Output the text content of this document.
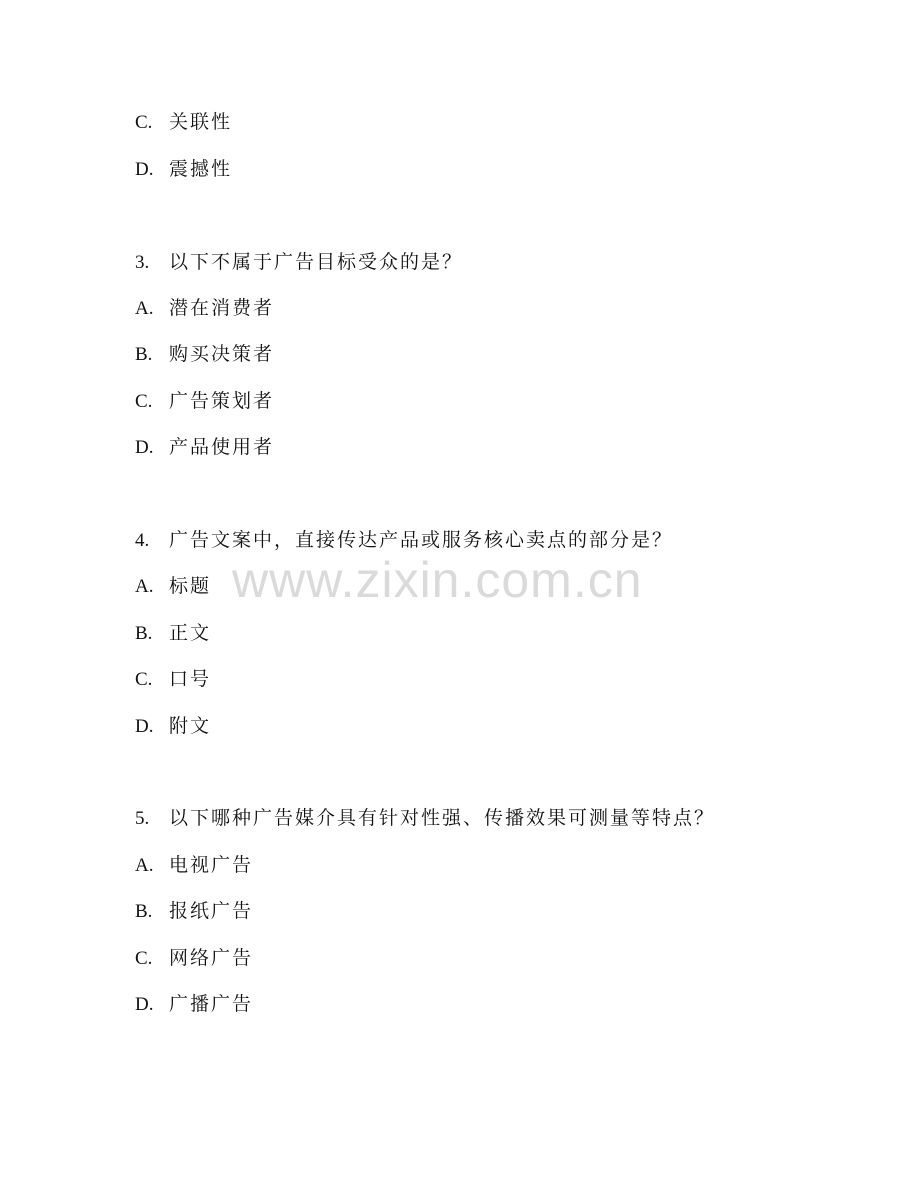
C. 关联性
D. 震撼性
3. 以下不属于广告目标受众的是？
A. 潜在消费者
B. 购买决策者
C. 广告策划者
D. 产品使用者
4. 广告文案中，直接传达产品或服务核心卖点的部分是？
A. 标题
B. 正文
C. 口号
D. 附文
5. 以下哪种广告媒介具有针对性强、传播效果可测量等特点？
A. 电视广告
B. 报纸广告
C. 网络广告
D. 广播广告
www.zixin.com.cn
